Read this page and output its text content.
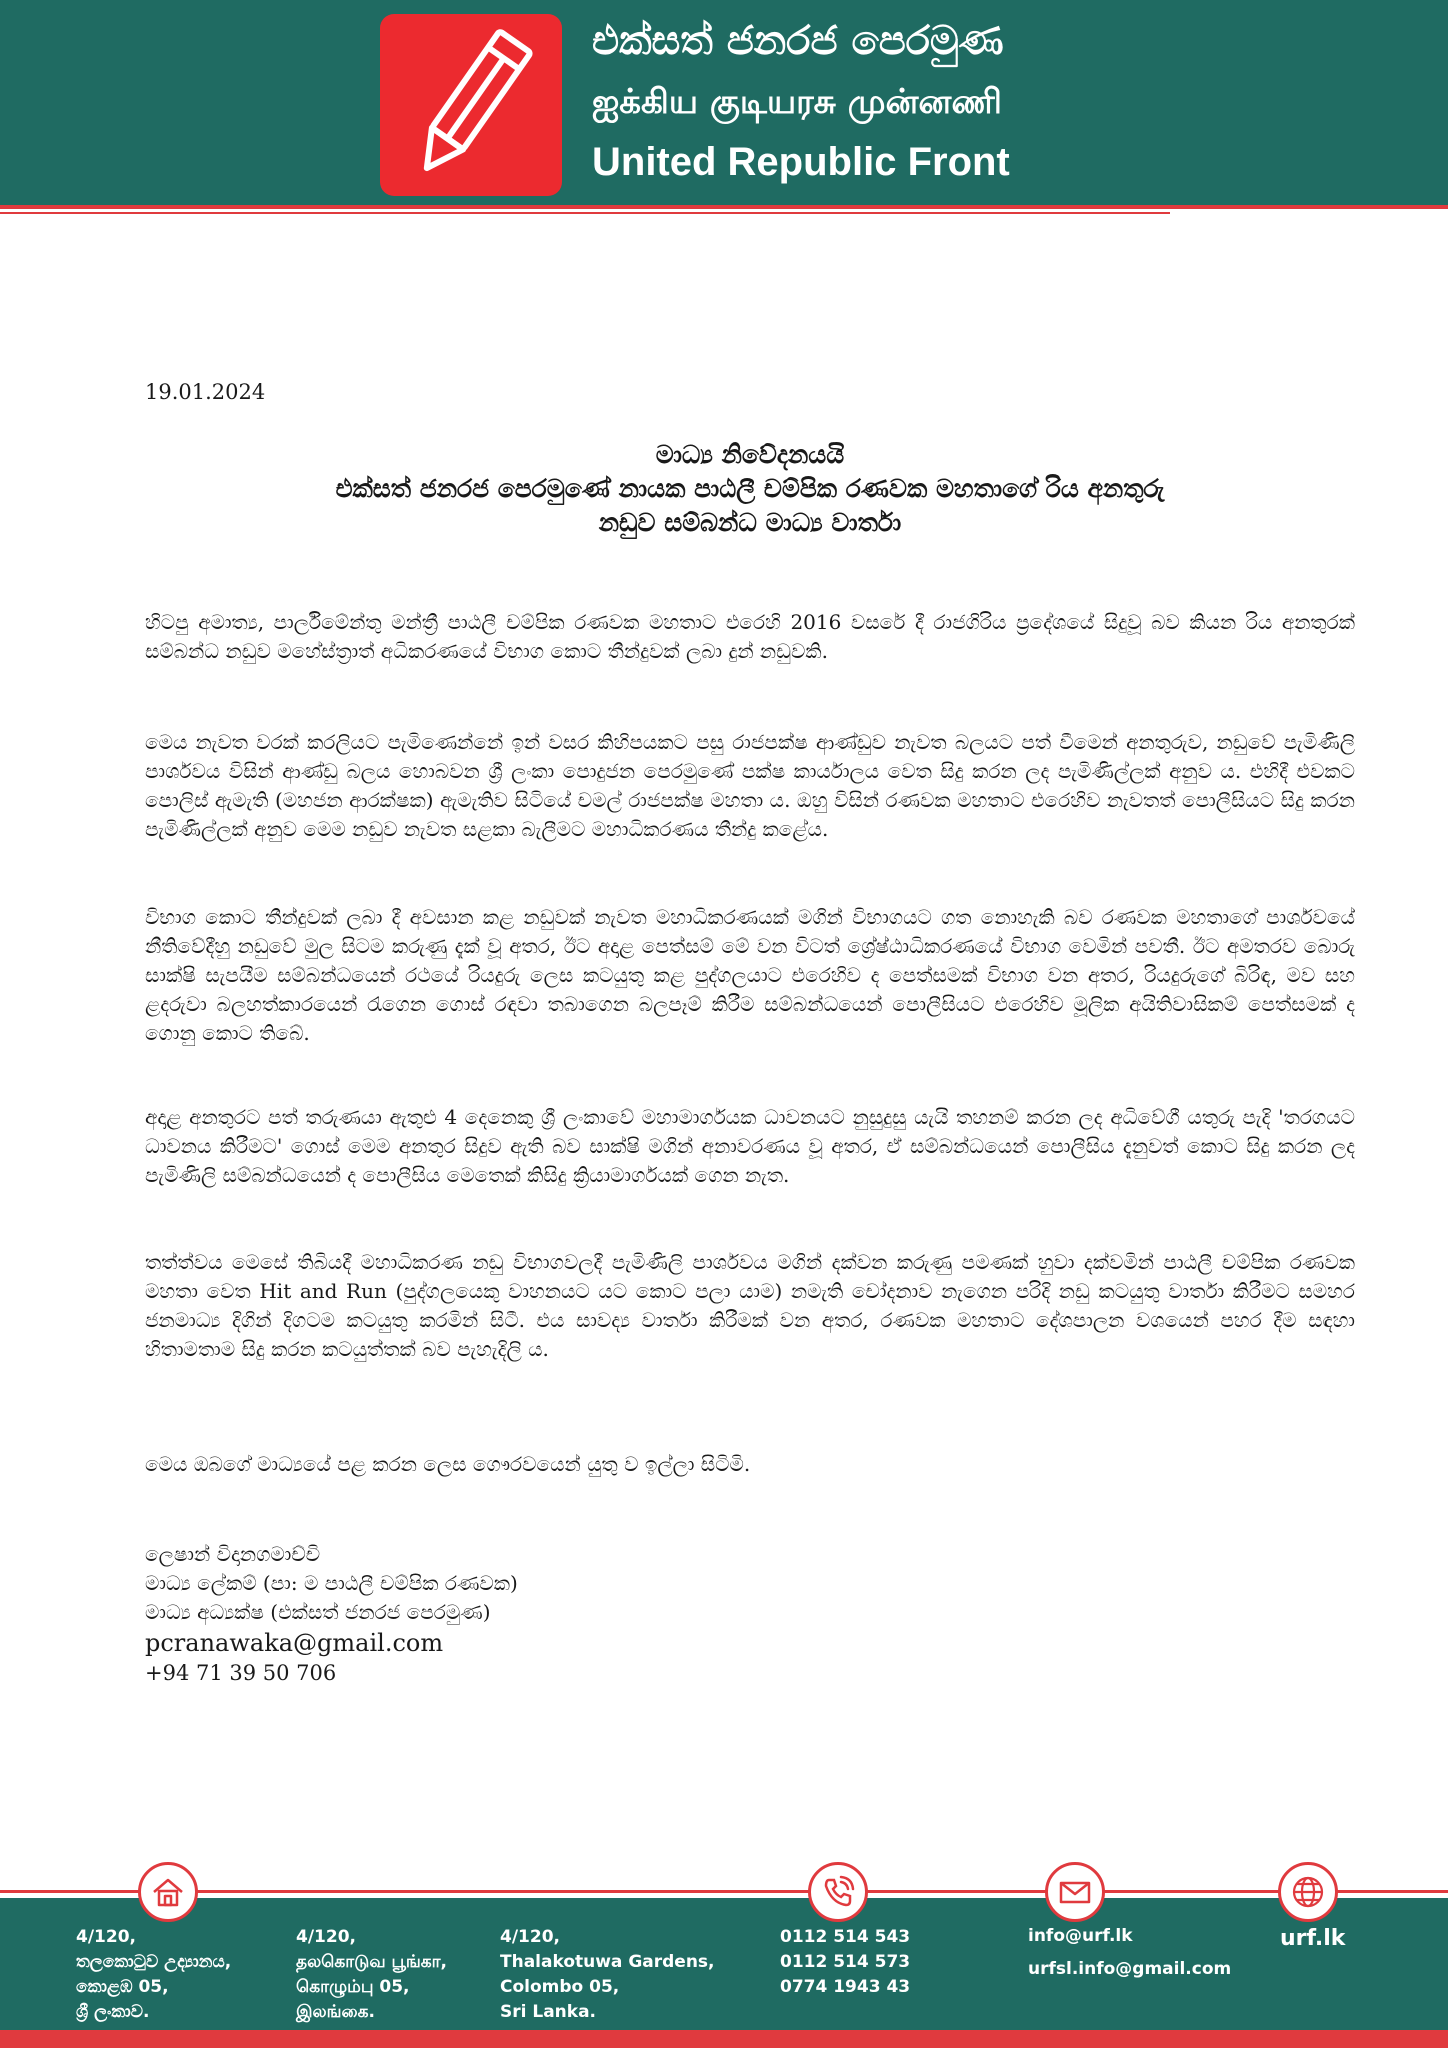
එක්සත් ජනරජ පෙරමුණ
ஐக்கிய குடியரசு முன்னணி
United Republic Front
19.01.2024
මාධ්‍ය නිවේදනයයි
එක්සත් ජනරජ පෙරමුණේ නායක පාඨලී චම්පික රණවක මහතාගේ රිය අනතුරු
නඩුව සම්බන්ධ මාධ්‍ය වාර්තා
හිටපු අමාත්‍ය, පාර්ලිමේන්තු මන්ත්‍රී පාඨලී චම්පික රණවක මහතාට එරෙහි 2016 වසරේ දී රාජගිරිය ප්‍රදේශයේ සිදුවූ බව කියන රිය අනතුරක් සම්බන්ධ නඩුව මහේස්ත්‍රාත් අධිකරණයේ විභාග කොට තීන්දුවක් ලබා දුන් නඩුවකි.
මෙය නැවත වරක් කරලියට පැමිණෙන්නේ ඉන් වසර කිහිපයකට පසු රාජපක්ෂ ආණ්ඩුව නැවත බලයට පත් වීමෙන් අනතුරුව, නඩුවේ පැමිණිලි පාර්ශවය විසින් ආණ්ඩු බලය හොබවන ශ්‍රී ලංකා පොදුජන පෙරමුණේ පක්ෂ කාර්යාලය වෙත සිදු කරන ලද පැමිණිල්ලක් අනුව ය. එහිදී එවකට පොලිස් ඇමැති (මහජන ආරක්ෂක) ඇමැතිව සිටියේ චමල් රාජපක්ෂ මහතා ය. ඔහු විසින් රණවක මහතාට එරෙහිව නැවතත් පොලීසියට සිදු කරන පැමිණිල්ලක් අනුව මෙම නඩුව නැවත සළකා බැලීමට මහාධිකරණය තීන්දු කළේය.
විභාග කොට තීන්දුවක් ලබා දී අවසාන කළ නඩුවක් නැවත මහාධිකරණයක් මගින් විභාගයට ගත නොහැකි බව රණවක මහතාගේ පාර්ශවයේ නීතිවේදීහු නඩුවේ මුල සිටම කරුණු දැක් වූ අතර, ඊට අදාළ පෙත්සම් මේ වන විටත් ශ්‍රේෂ්ඨාධිකරණයේ විභාග වෙමින් පවතී. ඊට අමතරව බොරු සාක්ෂි සැපයීම සම්බන්ධයෙන් රථයේ රියදුරු ලෙස කටයුතු කළ පුද්ගලයාට එරෙහිව ද පෙත්සමක් විභාග වන අතර, රියදුරුගේ බිරිඳ, මව සහ ළදරුවා බලහත්කාරයෙන් රැගෙන ගොස් රඳවා තබාගෙන බලපෑම් කිරීම සම්බන්ධයෙන් පොලීසියට එරෙහිව මූලික අයිතිවාසිකම් පෙත්සමක් ද ගොනු කොට තිබේ.
අදාළ අනතුරට පත් තරුණයා ඇතුළු 4 දෙනෙකු ශ්‍රී ලංකාවේ මහාමාර්ගයක ධාවනයට නුසුදුසු යැයි තහනම් කරන ලද අධිවේගී යතුරු පැදි 'තරගයට ධාවනය කිරීමට' ගොස් මෙම අනතුර සිදුව ඇති බව සාක්ෂි මගින් අනාවරණය වූ අතර, ඒ සම්බන්ධයෙන් පොලීසිය දැනුවත් කොට සිදු කරන ලද පැමිණිලි සම්බන්ධයෙන් ද පොලීසිය මෙතෙක් කිසිදු ක්‍රියාමාර්ගයක් ගෙන නැත.
තත්ත්වය මෙසේ තිබියදී මහාධිකරණ නඩු විභාගවලදී පැමිණිලි පාර්ශවය මගින් දක්වන කරුණු පමණක් හුවා දක්වමින් පාඨලී චම්පික රණවක මහතා වෙත Hit and Run (පුද්ගලයෙකු වාහනයට යට කොට පලා යාම) නමැති චෝදනාව නැගෙන පරිදි නඩු කටයුතු වාර්තා කිරීමට සමහර ජනමාධ්‍ය දිගින් දිගටම කටයුතු කරමින් සිටී. එය සාවද්‍ය වාර්තා කිරීමක් වන අතර, රණවක මහතාට දේශපාලන වශයෙන් පහර දීම සඳහා හිතාමතාම සිදු කරන කටයුත්තක් බව පැහැදිලි ය.
මෙය ඔබගේ මාධ්‍යයේ පළ කරන ලෙස ගෞරවයෙන් යුතු ව ඉල්ලා සිටිමි.
ලෙෂාන් විදානගමාච්චි
මාධ්‍ය ලේකම් (පා: ම පාඨලී චම්පික රණවක)
මාධ්‍ය අධ්‍යක්ෂ (එක්සත් ජනරජ පෙරමුණ)
pcranawaka@gmail.com
+94 71 39 50 706
4/120,
තලකොටුව උද්‍යානය,
කොළඹ 05,
ශ්‍රී ලංකාව.
4/120,
தலகொடுவ பூங்கா,
கொழும்பு 05,
இலங்கை.
4/120,
Thalakotuwa Gardens,
Colombo 05,
Sri Lanka.
0112 514 543
0112 514 573
0774 1943 43
info@urf.lk
urfsl.info@gmail.com
urf.lk
